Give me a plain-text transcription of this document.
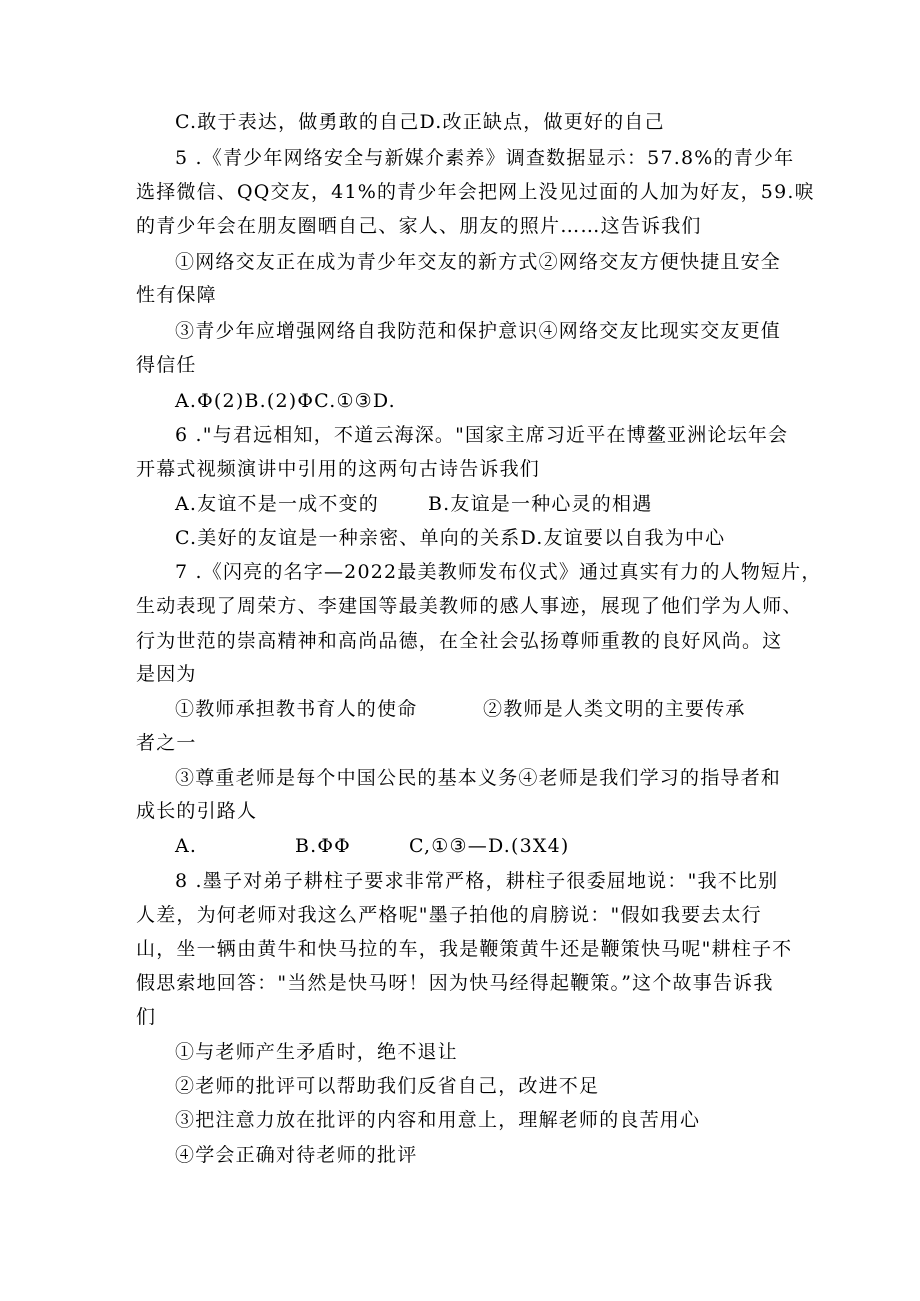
C.敢于表达，做勇敢的自己D.改正缺点，做更好的自己
5 .《青少年网络安全与新媒介素养》调查数据显示：57.8%的青少年
选择微信、QQ交友，41%的青少年会把网上没见过面的人加为好友，59.唳
的青少年会在朋友圈晒自己、家人、朋友的照片……这告诉我们
①网络交友正在成为青少年交友的新方式②网络交友方便快捷且安全
性有保障
③青少年应增强网络自我防范和保护意识④网络交友比现实交友更值
得信任
A.Φ(2)B.(2)ΦC.①③D.
6 ."与君远相知，不道云海深。"国家主席习近平在博鳌亚洲论坛年会
开幕式视频演讲中引用的这两句古诗告诉我们
A.友谊不是一成不变的	B.友谊是一种心灵的相遇
C.美好的友谊是一种亲密、单向的关系D.友谊要以自我为中心
7 .《闪亮的名字—2022最美教师发布仪式》通过真实有力的人物短片，
生动表现了周荣方、李建国等最美教师的感人事迹，展现了他们学为人师、
行为世范的崇高精神和高尚品德，在全社会弘扬尊师重教的良好风尚。这
是因为
①教师承担教书育人的使命	②教师是人类文明的主要传承
者之一
③尊重老师是每个中国公民的基本义务④老师是我们学习的指导者和
成长的引路人
A.	B.ΦΦ	C,①③—D.(3X4)
8 .墨子对弟子耕柱子要求非常严格，耕柱子很委屈地说："我不比别
人差，为何老师对我这么严格呢"墨子拍他的肩膀说："假如我要去太行
山，坐一辆由黄牛和快马拉的车，我是鞭策黄牛还是鞭策快马呢"耕柱子不
假思索地回答："当然是快马呀！因为快马经得起鞭策。”这个故事告诉我
们
①与老师产生矛盾时，绝不退让
②老师的批评可以帮助我们反省自己，改进不足
③把注意力放在批评的内容和用意上，理解老师的良苦用心
④学会正确对待老师的批评
